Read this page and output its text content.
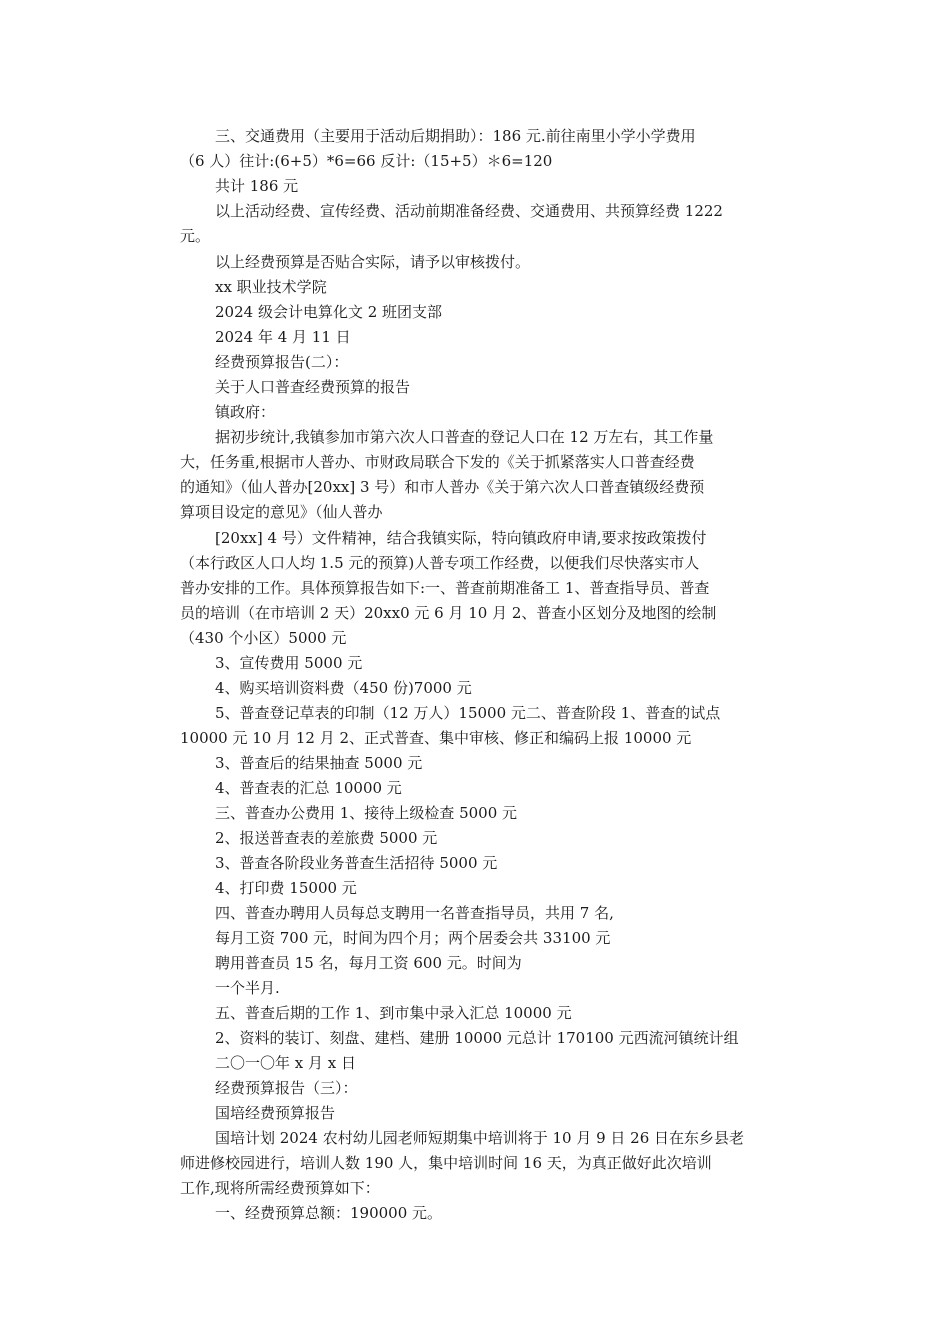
三、交通费用（主要用于活动后期捐助）：186 元.前往南里小学小学费用
（6 人）往计:(6+5）*6=66 反计:（15+5）＊6=120
共计 186 元
以上活动经费、宣传经费、活动前期准备经费、交通费用、共预算经费 1222
元。
以上经费预算是否贴合实际，请予以审核拨付。
xx 职业技术学院
2024 级会计电算化文 2 班团支部
2024 年 4 月 11 日
经费预算报告(二）：
关于人口普查经费预算的报告
镇政府：
据初步统计,我镇参加市第六次人口普查的登记人口在 12 万左右，其工作量
大，任务重,根据市人普办、市财政局联合下发的《关于抓紧落实人口普查经费
的通知》（仙人普办[20xx] 3 号）和市人普办《关于第六次人口普查镇级经费预
算项目设定的意见》（仙人普办
[20xx] 4 号）文件精神，结合我镇实际，特向镇政府申请,要求按政策拨付
（本行政区人口人均 1.5 元的预算)人普专项工作经费，以便我们尽快落实市人
普办安排的工作。具体预算报告如下:一、普查前期准备工 1、普查指导员、普查
员的培训（在市培训 2 天）20xx0 元 6 月 10 月 2、普查小区划分及地图的绘制
（430 个小区）5000 元
3、宣传费用 5000 元
4、购买培训资料费（450 份)7000 元
5、普查登记草表的印制（12 万人）15000 元二、普查阶段 1、普查的试点
10000 元 10 月 12 月 2、正式普查、集中审核、修正和编码上报 10000 元
3、普查后的结果抽查 5000 元
4、普查表的汇总 10000 元
三、普查办公费用 1、接待上级检查 5000 元
2、报送普查表的差旅费 5000 元
3、普查各阶段业务普查生活招待 5000 元
4、打印费 15000 元
四、普查办聘用人员每总支聘用一名普查指导员，共用 7 名,
每月工资 700 元，时间为四个月；两个居委会共 33100 元
聘用普查员 15 名，每月工资 600 元。时间为
一个半月.
五、普查后期的工作 1、到市集中录入汇总 10000 元
2、资料的装订、刻盘、建档、建册 10000 元总计 170100 元西流河镇统计组
二〇一〇年 x 月 x 日
经费预算报告（三）：
国培经费预算报告
国培计划 2024 农村幼儿园老师短期集中培训将于 10 月 9 日 26 日在东乡县老
师进修校园进行，培训人数 190 人，集中培训时间 16 天，为真正做好此次培训
工作,现将所需经费预算如下：
一、经费预算总额：190000 元。
